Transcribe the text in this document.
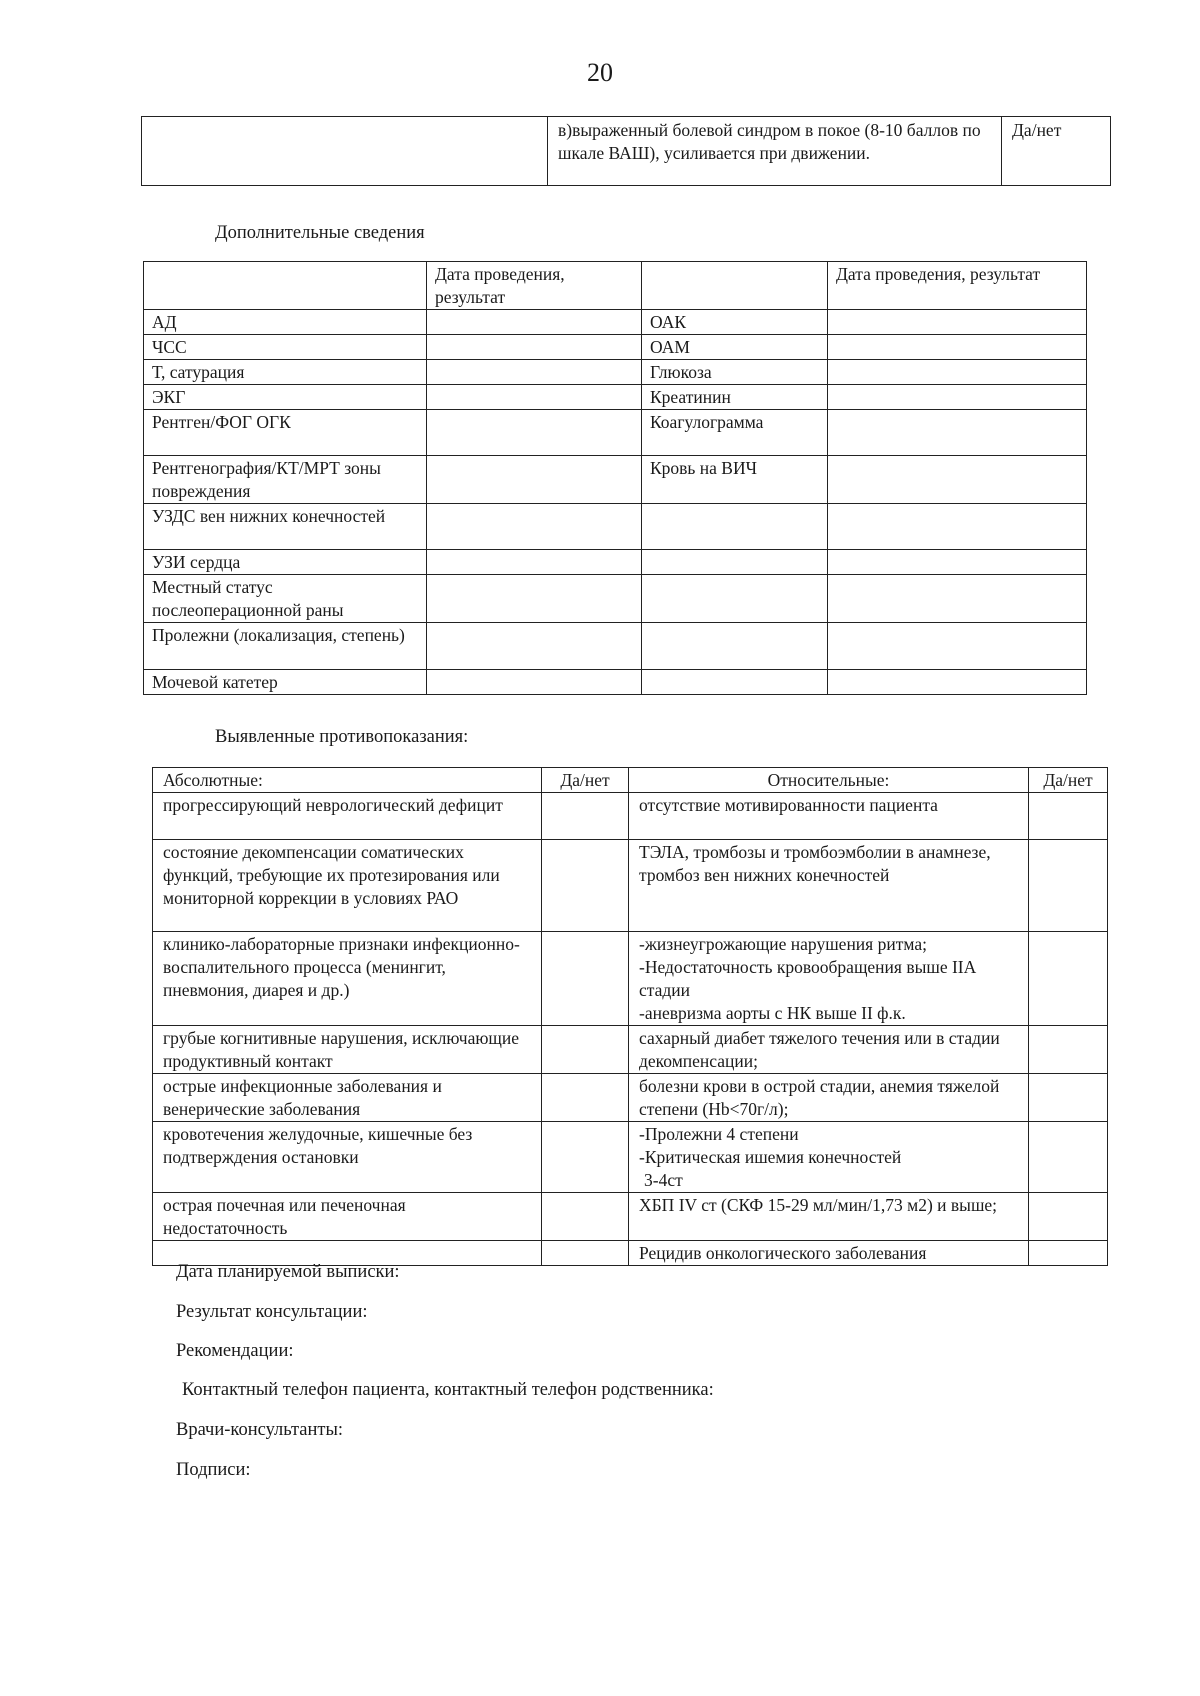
20
	в)выраженный болевой синдром в покое (8-10 баллов по шкале ВАШ), усиливается при движении.	Да/нет
Дополнительные сведения
	Дата проведения, результат		Дата проведения, результат
АД		ОАК	
ЧСС		ОАМ	
Т, сатурация		Глюкоза	
ЭКГ		Креатинин	
Рентген/ФОГ ОГК		Коагулограмма	
Рентгенография/КТ/МРТ зоны повреждения		Кровь на ВИЧ	
УЗДС вен нижних конечностей			
УЗИ сердца			
Местный статус послеоперационной раны			
Пролежни (локализация, степень)			
Мочевой катетер			
Выявленные противопоказания:
Абсолютные:	Да/нет	Относительные:	Да/нет
прогрессирующий неврологический дефицит		отсутствие мотивированности пациента	
состояние декомпенсации соматических функций, требующие их протезирования или мониторной коррекции в условиях РАО		ТЭЛА, тромбозы и тромбоэмболии в анамнезе, тромбоз вен нижних конечностей	
клинико-лабораторные признаки инфекционно-воспалительного процесса (менингит, пневмония, диарея и др.)		-жизнеугрожающие нарушения ритма;
-Недостаточность кровообращения выше IIА стадии
-аневризма аорты с НК выше II ф.к.	

грубые когнитивные нарушения, исключающие продуктивный контакт		сахарный диабет тяжелого течения или в стадии декомпенсации;	
острые инфекционные заболевания и венерические заболевания		болезни крови в острой стадии, анемия тяжелой степени (Hb<70г/л);	
кровотечения желудочные, кишечные без подтверждения остановки		-Пролежни 4 степени
-Критическая ишемия конечностей
3-4ст	

острая почечная или печеночная недостаточность		ХБП IV ст (СКФ 15-29 мл/мин/1,73 м2) и выше;	
		Рецидив онкологического заболевания	
Дата планируемой выписки:
Результат консультации:
Рекомендации:
Контактный телефон пациента, контактный телефон родственника:
Врачи-консультанты:
Подписи:
